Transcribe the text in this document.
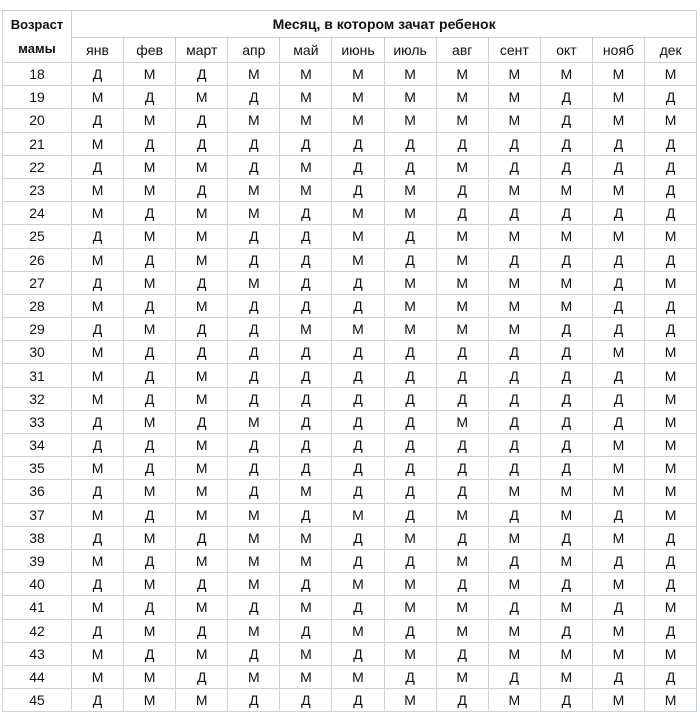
Возраст
мамы	Месяц, в котором зачат ребенок											
	янв	фев	март	апр	май	июнь	июль	авг	сент	окт	нояб	дек
18	Д	М	Д	М	М	М	М	М	М	М	М	М
19	М	Д	М	Д	М	М	М	М	М	Д	М	Д
20	Д	М	Д	М	М	М	М	М	М	Д	М	М
21	М	Д	Д	Д	Д	Д	Д	Д	Д	Д	Д	Д
22	Д	М	М	Д	М	Д	Д	М	Д	Д	Д	Д
23	М	М	Д	М	М	Д	М	Д	М	М	М	Д
24	М	Д	М	М	Д	М	М	Д	Д	Д	Д	Д
25	Д	М	М	Д	Д	М	Д	М	М	М	М	М
26	М	Д	М	Д	Д	М	Д	М	Д	Д	Д	Д
27	Д	М	Д	М	Д	Д	М	М	М	М	Д	М
28	М	Д	М	Д	Д	Д	М	М	М	М	Д	Д
29	Д	М	Д	Д	М	М	М	М	М	Д	Д	Д
30	М	Д	Д	Д	Д	Д	Д	Д	Д	Д	М	М
31	М	Д	М	Д	Д	Д	Д	Д	Д	Д	Д	М
32	М	Д	М	Д	Д	Д	Д	Д	Д	Д	Д	М
33	Д	М	Д	М	Д	Д	Д	М	Д	Д	Д	М
34	Д	Д	М	Д	Д	Д	Д	Д	Д	Д	М	М
35	М	Д	М	Д	Д	Д	Д	Д	Д	Д	М	М
36	Д	М	М	Д	М	Д	Д	Д	М	М	М	М
37	М	Д	М	М	Д	М	Д	М	Д	М	Д	М
38	Д	М	Д	М	М	Д	М	Д	М	Д	М	Д
39	М	Д	М	М	М	Д	Д	М	Д	М	Д	Д
40	Д	М	Д	М	Д	М	М	Д	М	Д	М	Д
41	М	Д	М	Д	М	Д	М	М	Д	М	Д	М
42	Д	М	Д	М	Д	М	Д	М	М	Д	М	Д
43	М	Д	М	Д	М	Д	М	Д	М	М	М	М
44	М	М	Д	М	М	М	Д	М	Д	М	Д	Д
45	Д	М	М	Д	Д	Д	М	Д	М	Д	М	М
